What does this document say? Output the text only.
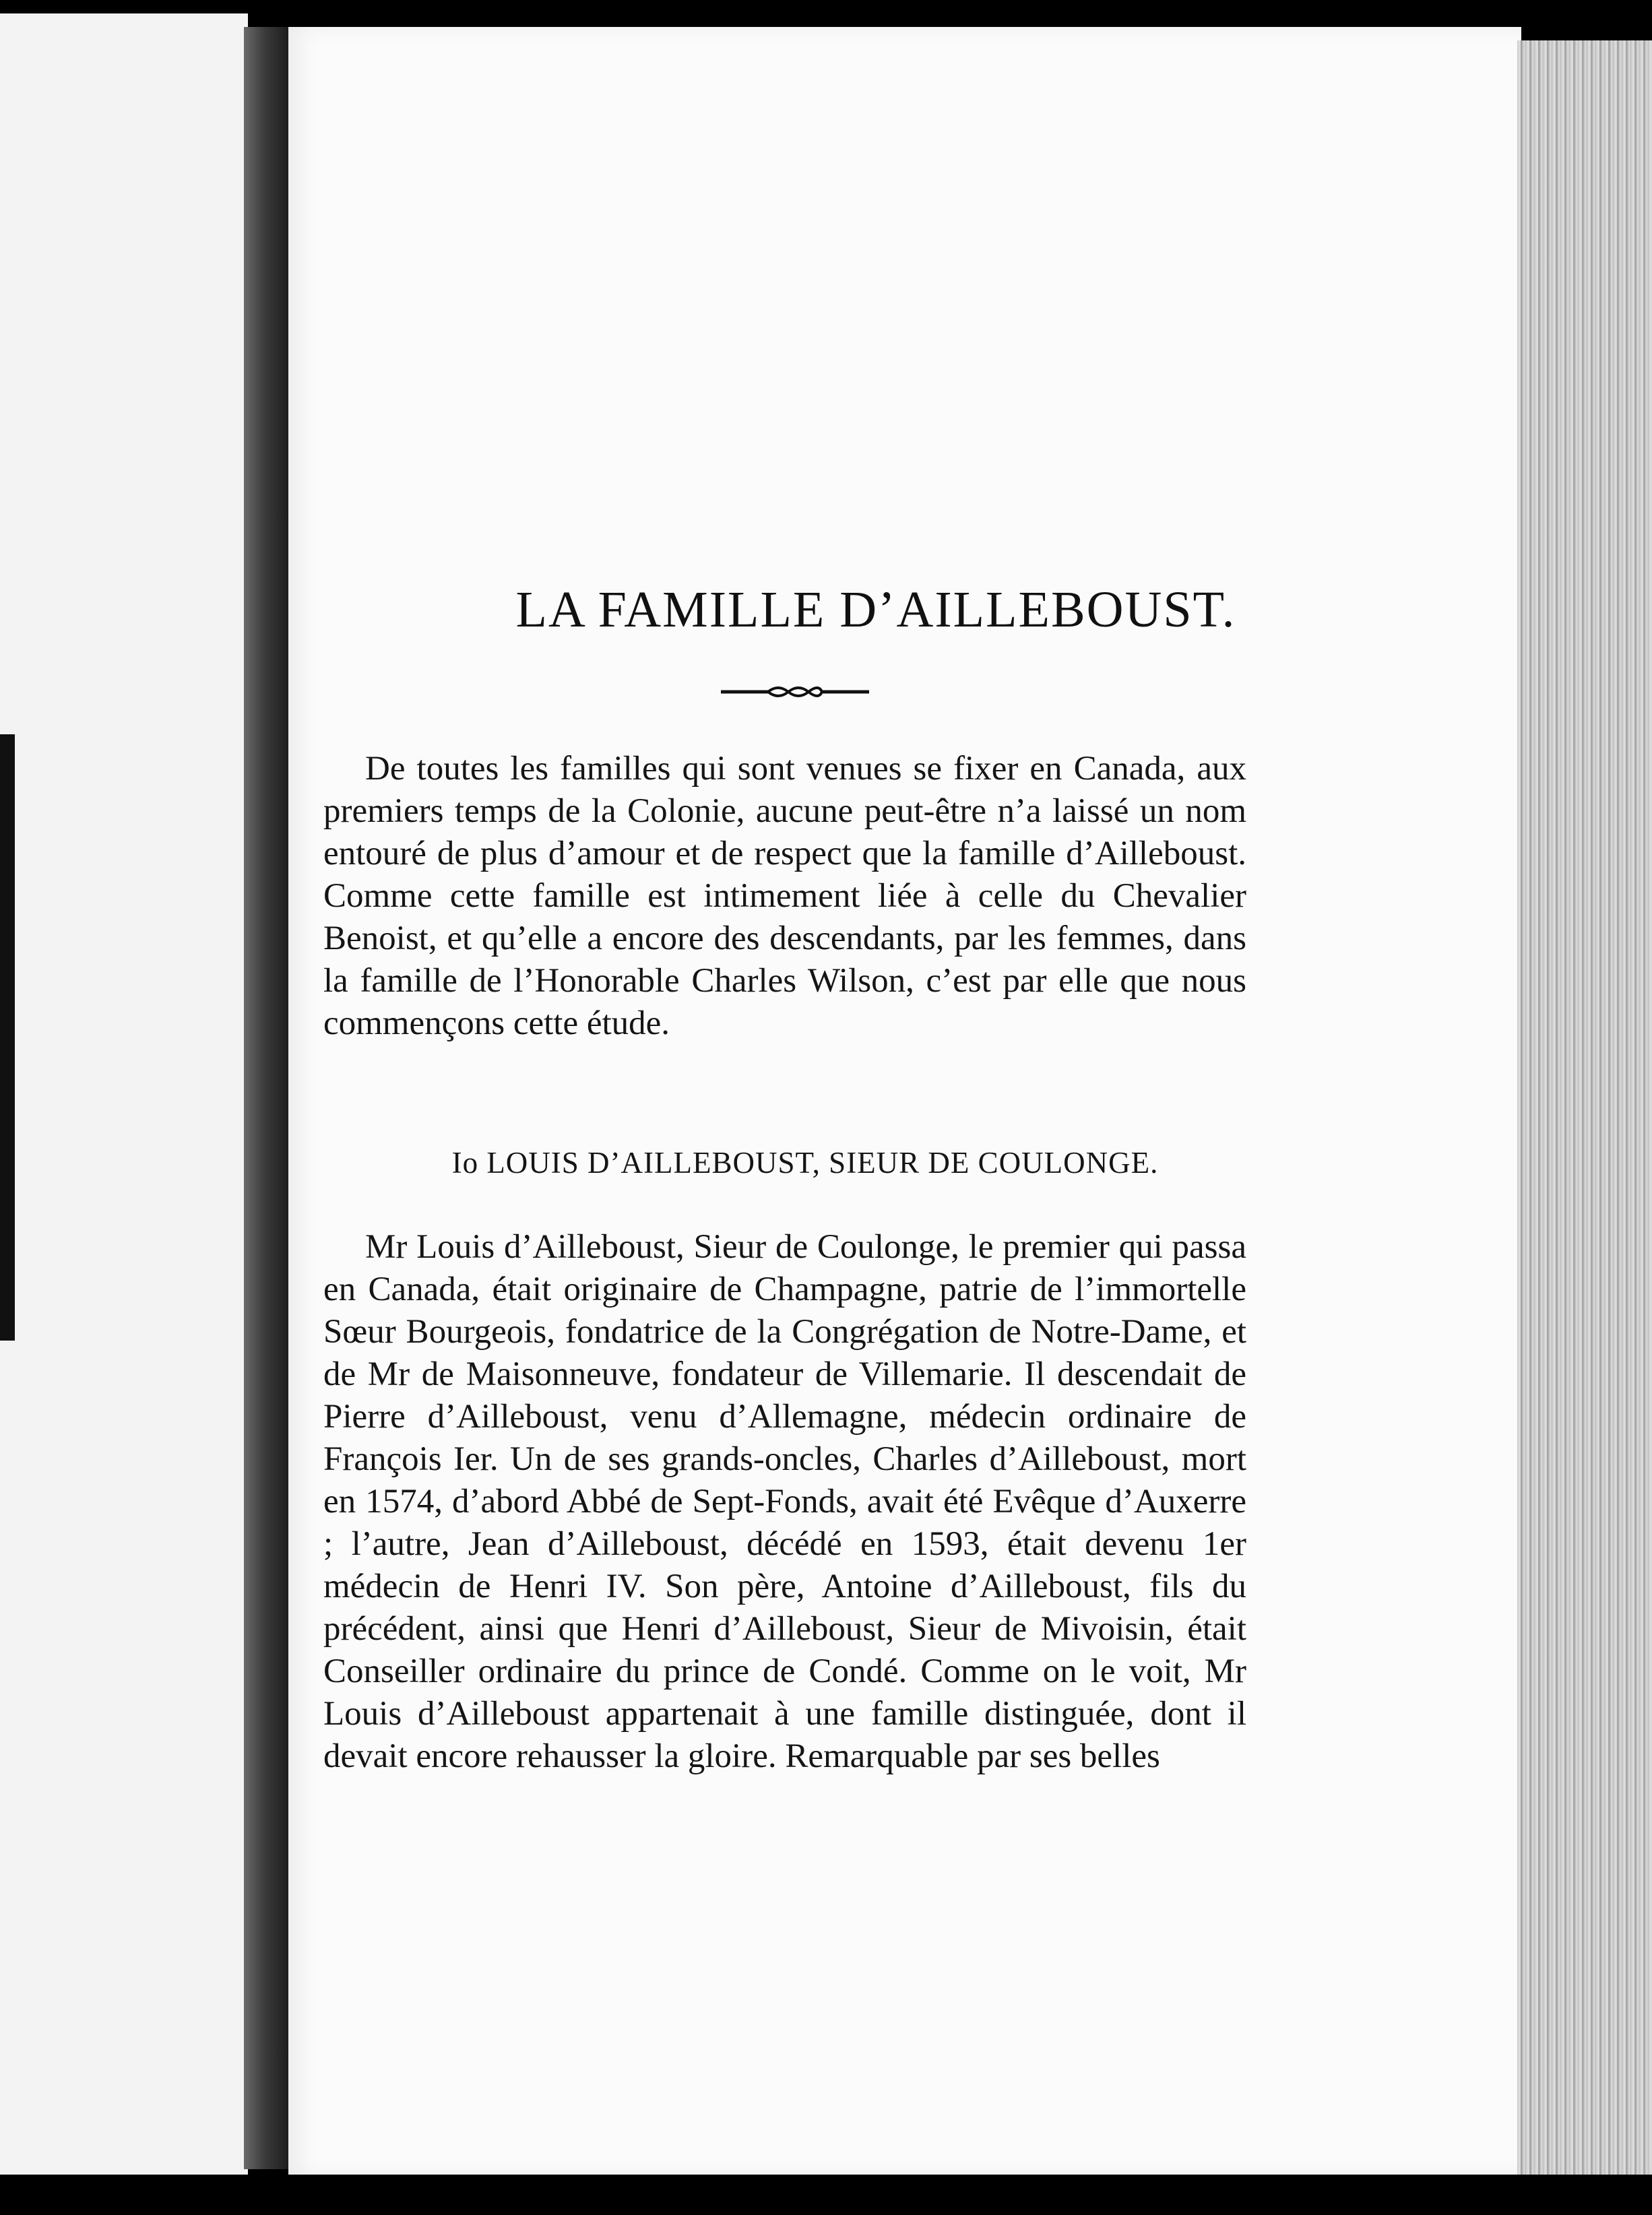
LA FAMILLE D’AILLEBOUST.

De toutes les familles qui sont venues se fixer en Canada, aux premiers temps de la Colonie, aucune peut-être n’a laissé un nom entouré de plus d’amour et de respect que la famille d’Ailleboust. Comme cette famille est intimement liée à celle du Chevalier Benoist, et qu’elle a encore des descendants, par les femmes, dans la famille de l’Honorable Charles Wilson, c’est par elle que nous commençons cette étude.

Io LOUIS D’AILLEBOUST, SIEUR DE COULONGE.

Mr Louis d’Ailleboust, Sieur de Coulonge, le premier qui passa en Canada, était originaire de Champagne, patrie de l’immortelle Sœur Bourgeois, fondatrice de la Congrégation de Notre-Dame, et de Mr de Maisonneuve, fondateur de Villemarie. Il descendait de Pierre d’Ailleboust, venu d’Allemagne, médecin ordinaire de François Ier. Un de ses grands-oncles, Charles d’Ailleboust, mort en 1574, d’abord Abbé de Sept-Fonds, avait été Evêque d’Auxerre ; l’autre, Jean d’Ailleboust, décédé en 1593, était devenu 1er médecin de Henri IV. Son père, Antoine d’Ailleboust, fils du précédent, ainsi que Henri d’Ailleboust, Sieur de Mivoisin, était Conseiller ordinaire du prince de Condé. Comme on le voit, Mr Louis d’Ailleboust appartenait à une famille distinguée, dont il devait encore rehausser la gloire. Remarquable par ses belles
